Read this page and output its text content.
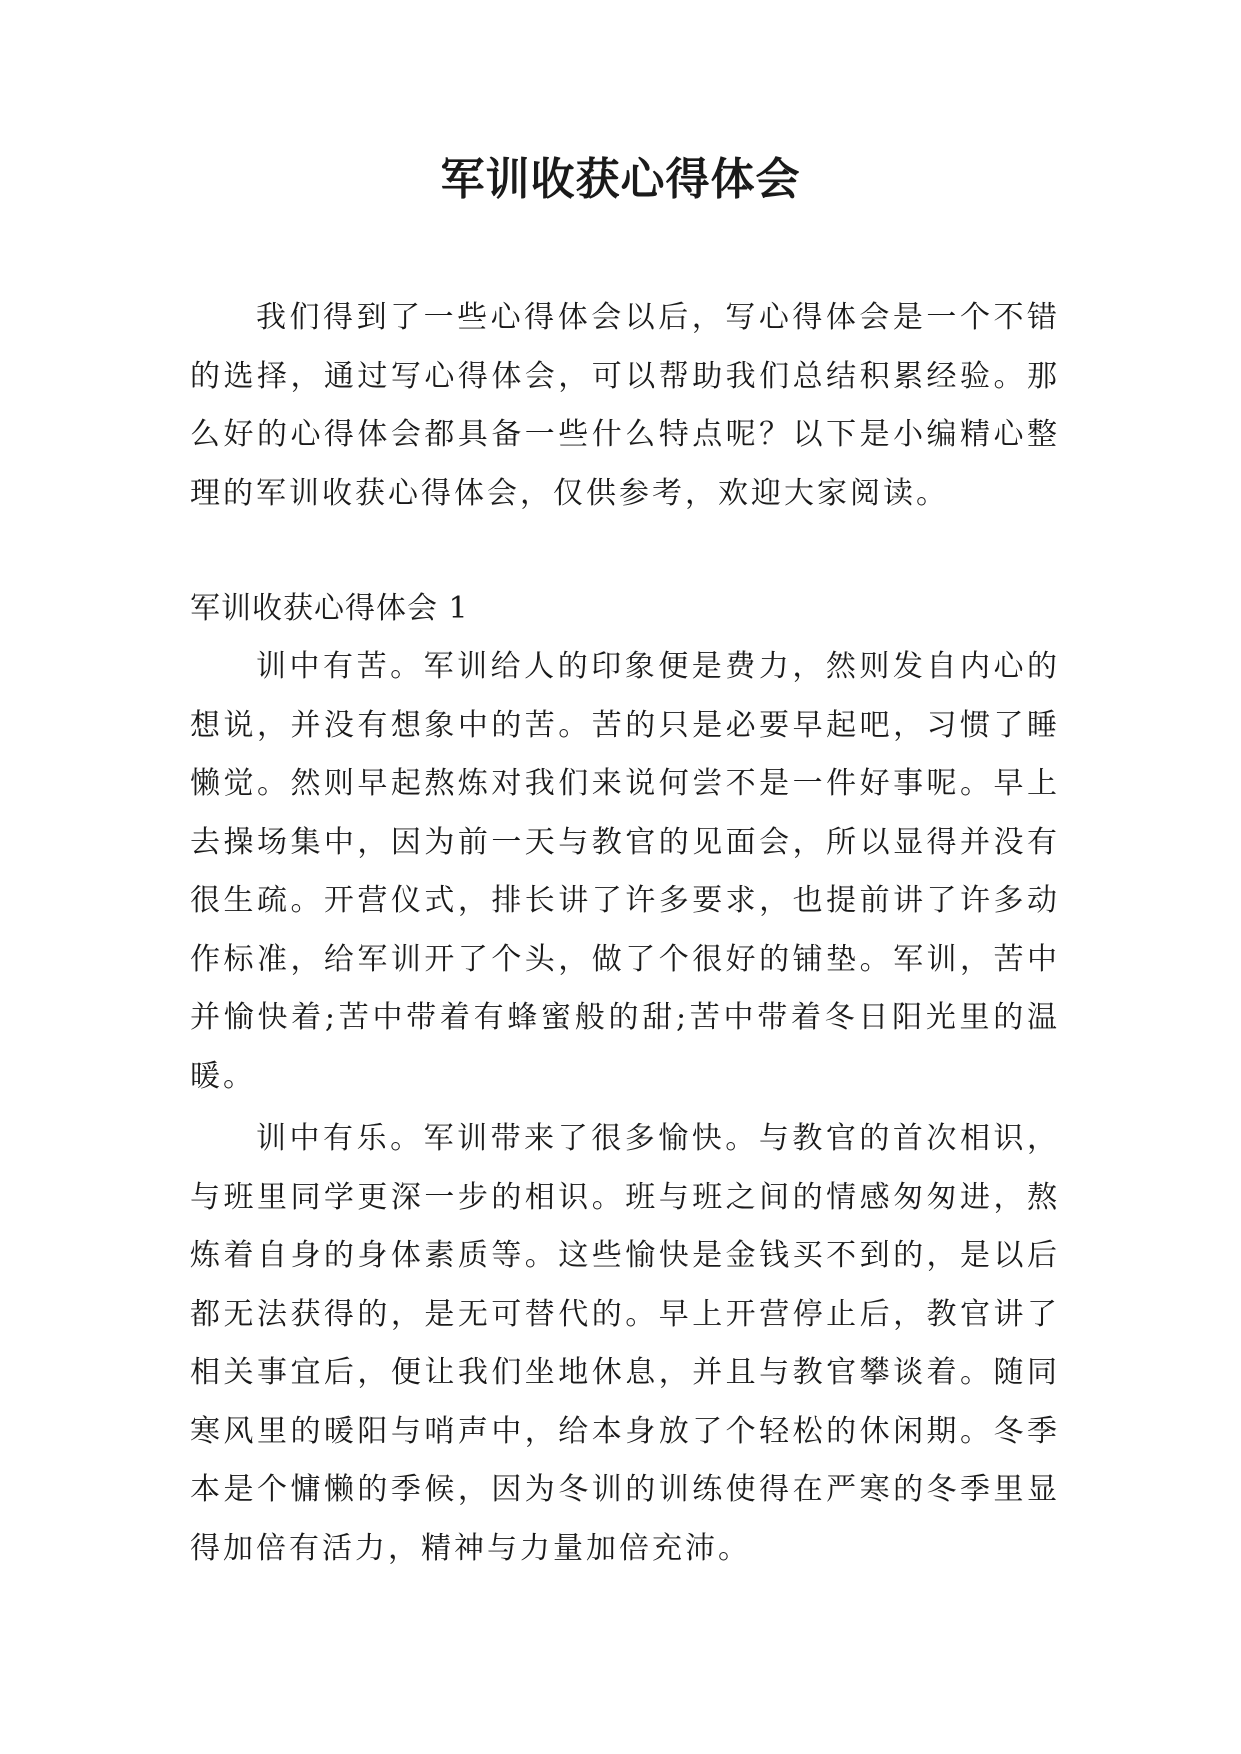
军训收获心得体会

我们得到了一些心得体会以后，写心得体会是一个不错的选择，通过写心得体会，可以帮助我们总结积累经验。那么好的心得体会都具备一些什么特点呢？以下是小编精心整理的军训收获心得体会，仅供参考，欢迎大家阅读。

军训收获心得体会 1

训中有苦。军训给人的印象便是费力，然则发自内心的想说，并没有想象中的苦。苦的只是必要早起吧，习惯了睡懒觉。然则早起熬炼对我们来说何尝不是一件好事呢。早上去操场集中，因为前一天与教官的见面会，所以显得并没有很生疏。开营仪式，排长讲了许多要求，也提前讲了许多动作标准，给军训开了个头，做了个很好的铺垫。军训，苦中并愉快着;苦中带着有蜂蜜般的甜;苦中带着冬日阳光里的温暖。

训中有乐。军训带来了很多愉快。与教官的首次相识，与班里同学更深一步的相识。班与班之间的情感匆匆进，熬炼着自身的身体素质等。这些愉快是金钱买不到的，是以后都无法获得的，是无可替代的。早上开营停止后，教官讲了相关事宜后，便让我们坐地休息，并且与教官攀谈着。随同寒风里的暖阳与哨声中，给本身放了个轻松的休闲期。冬季本是个慵懒的季候，因为冬训的训练使得在严寒的冬季里显得加倍有活力，精神与力量加倍充沛。
